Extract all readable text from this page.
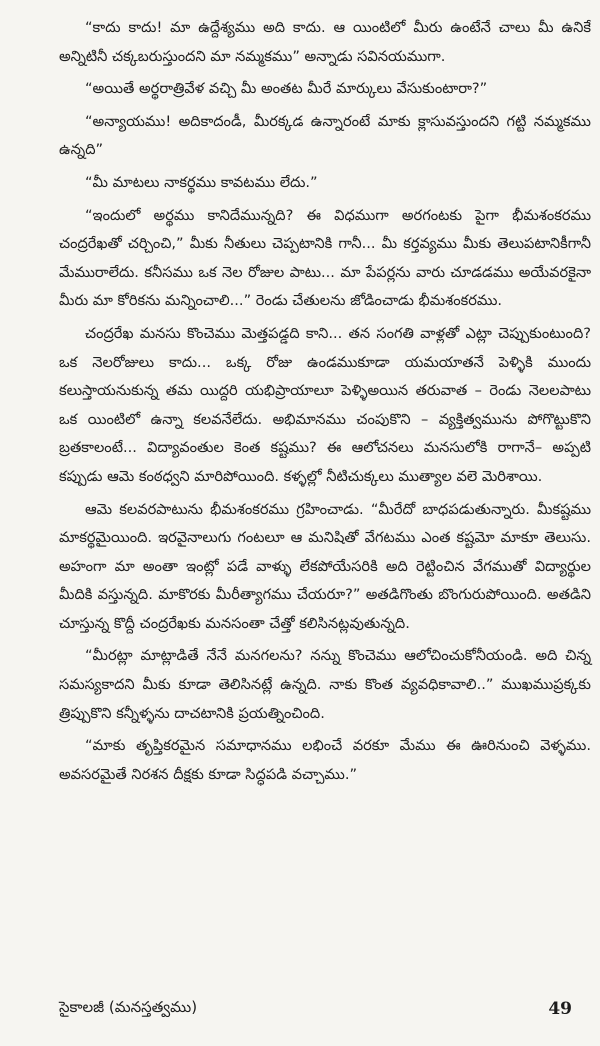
“కాదు కాదు! మా ఉద్దేశ్యము అది కాదు. ఆ యింటిలో మీరు ఉంటేనే చాలు మీ ఉనికే అన్నిటినీ చక్కబరుస్తుందని మా నమ్మకము” అన్నాడు సవినయముగా.

“అయితే అర్థరాత్రివేళ వచ్చి మీ అంతట మీరే మార్కులు వేసుకుంటారా?”

“అన్యాయము! అదికాదండీ, మీరక్కడ ఉన్నారంటే మాకు క్లాసువస్తుందని గట్టి నమ్మకము ఉన్నది”

“మీ మాటలు నాకర్థము కావటము లేదు.”

“ఇందులో అర్థము కానిదేమున్నది? ఈ విధముగా అరగంటకు పైగా భీమశంకరము చంద్రరేఖతో చర్చించి,” మీకు నీతులు చెప్పటానికి గానీ... మీ కర్తవ్యము మీకు తెలుపటానికీగానీ మేమురాలేదు. కనీసము ఒక నెల రోజుల పాటు... మా పేపర్లను వారు చూడడము అయేవరకైనా మీరు మా కోరికను మన్నించాలి...” రెండు చేతులను జోడించాడు భీమశంకరము.

చంద్రరేఖ మనసు కొంచెము మెత్తపడ్డది కాని... తన సంగతి వాళ్లతో ఎట్లా చెప్పుకుంటుంది? ఒక నెలరోజులు కాదు... ఒక్క రోజు ఉండముకూడా యమయాతనే పెళ్ళికి ముందు కలుస్తాయనుకున్న తమ యిద్దరి యభిప్రాయాలూ పెళ్ళిఅయిన తరువాత – రెండు నెలలపాటు ఒక యింటిలో ఉన్నా కలవనేలేదు. అభిమానము చంపుకొని – వ్యక్తిత్వమును పోగొట్టుకొని బ్రతకాలంటే... విద్యావంతుల కెంత కష్టము? ఈ ఆలోచనలు మనసులోకి రాగానే– అప్పటి కప్పుడు ఆమె కంఠధ్వని మారిపోయింది. కళ్ళల్లో నీటిచుక్కలు ముత్యాల వలె మెరిశాయి.

ఆమె కలవరపాటును భీమశంకరము గ్రహించాడు. “మీరేదో బాధపడుతున్నారు. మీకష్టము మాకర్థమైయింది. ఇరవైనాలుగు గంటలూ ఆ మనిషితో వేగటము ఎంత కష్టమో మాకూ తెలుసు. అహంగా మా అంతా ఇంట్లో పడే వాళ్ళు లేకపోయేసరికి అది రెట్టించిన వేగముతో విద్యార్థుల మీదికి వస్తున్నది. మాకొరకు మీరీత్యాగము చేయరూ?” అతడిగొంతు బొంగురుపోయింది. అతడిని చూస్తున్న కొద్దీ చంద్రరేఖకు మనసంతా చేత్తో కలిసినట్లవుతున్నది.

“మీరట్లా మాట్లాడితే నేనే మనగలను? నన్ను కొంచెము ఆలోచించుకోనీయండి. అది చిన్న సమస్యకాదని మీకు కూడా తెలిసినట్లే ఉన్నది. నాకు కొంత వ్యవధికావాలి..” ముఖముప్రక్కకు త్రిప్పుకొని కన్నీళ్ళను దాచటానికి ప్రయత్నించింది.

“మాకు తృప్తికరమైన సమాధానము లభించే వరకూ మేము ఈ ఊరినుంచి వెళ్ళము. అవసరమైతే నిరశన దీక్షకు కూడా సిద్ధపడి వచ్చాము.”

సైకాలజీ (మనస్తత్వము)	49
